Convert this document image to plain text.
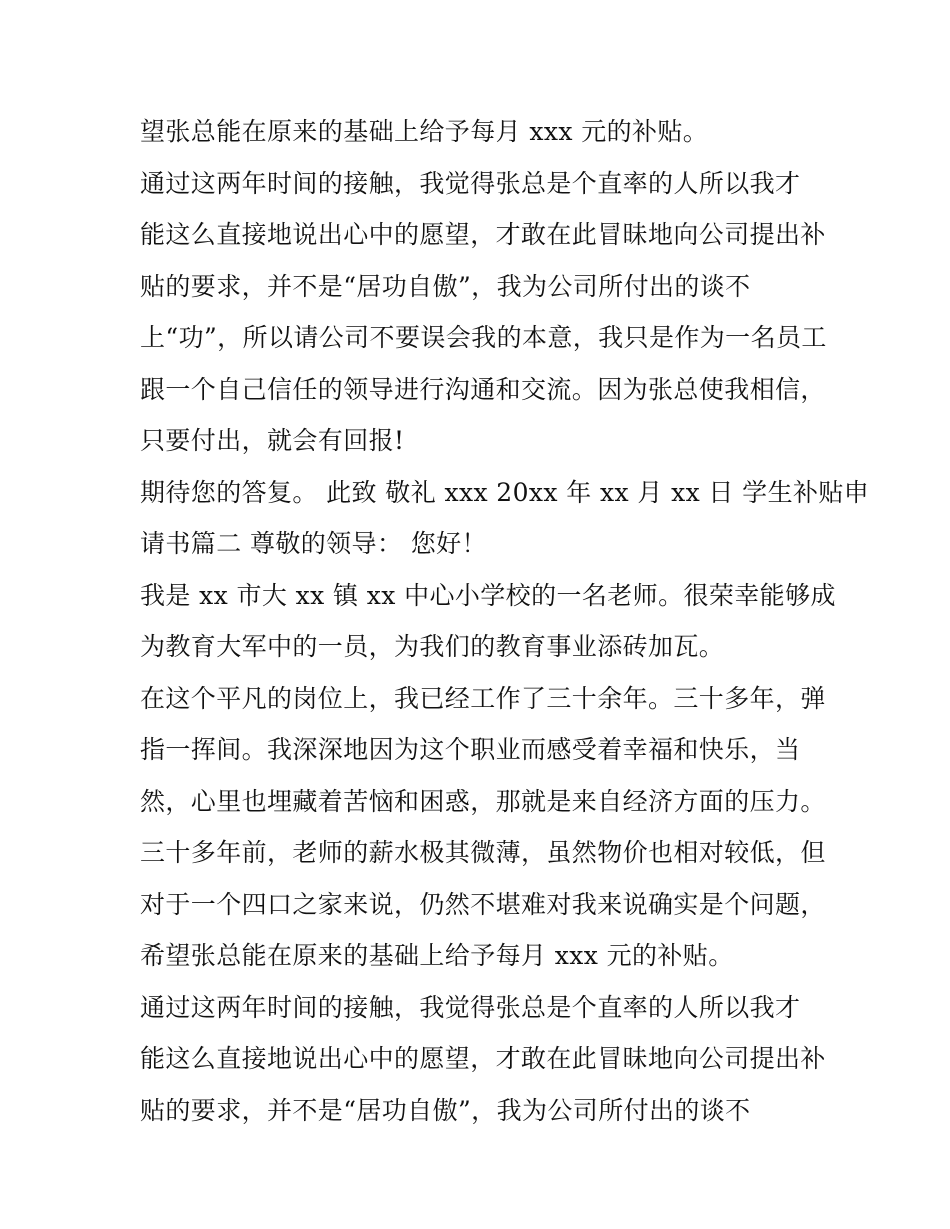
望张总能在原来的基础上给予每月 xxx 元的补贴。
通过这两年时间的接触，我觉得张总是个直率的人所以我才
能这么直接地说出心中的愿望，才敢在此冒昧地向公司提出补
贴的要求，并不是“居功自傲”，我为公司所付出的谈不
上“功”，所以请公司不要误会我的本意，我只是作为一名员工
跟一个自己信任的领导进行沟通和交流。因为张总使我相信，
只要付出，就会有回报!
期待您的答复。 此致 敬礼 xxx 20xx 年 xx 月 xx 日 学生补贴申
请书篇二 尊敬的领导： 您好！
我是 xx 市大 xx 镇 xx 中心小学校的一名老师。很荣幸能够成
为教育大军中的一员，为我们的教育事业添砖加瓦。
在这个平凡的岗位上，我已经工作了三十余年。三十多年，弹
指一挥间。我深深地因为这个职业而感受着幸福和快乐，当
然，心里也埋藏着苦恼和困惑，那就是来自经济方面的压力。
三十多年前，老师的薪水极其微薄，虽然物价也相对较低，但
对于一个四口之家来说，仍然不堪难对我来说确实是个问题，
希望张总能在原来的基础上给予每月 xxx 元的补贴。
通过这两年时间的接触，我觉得张总是个直率的人所以我才
能这么直接地说出心中的愿望，才敢在此冒昧地向公司提出补
贴的要求，并不是“居功自傲”，我为公司所付出的谈不
